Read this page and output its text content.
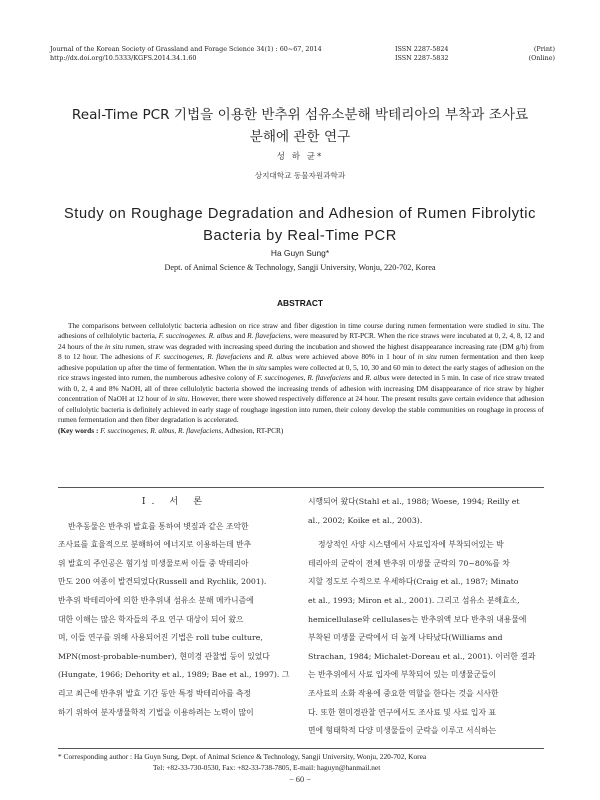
Journal of the Korean Society of Grassland and Forage Science 34(1) : 60~67, 2014
http://dx.doi.org/10.5333/KGFS.2014.34.1.60
ISSN 2287-5824	(Print)
ISSN 2287-5832	(Online)
Real-Time PCR 기법을 이용한 반추위 섬유소분해 박테리아의 부착과 조사료
분해에 관한 연구
성 하 균*
상지대학교 동물자원과학과
Study on Roughage Degradation and Adhesion of Rumen Fibrolytic
Bacteria by Real-Time PCR
Ha Guyn Sung*
Dept. of Animal Science & Technology, Sangji University, Wonju, 220-702, Korea
ABSTRACT

The comparisons between cellulolytic bacteria adhesion on rice straw and fiber digestion in time course during rumen fermentation were studied in situ. The adhesions of cellulolytic bacteria, F. succinogenes. R. albus and R. flavefaciens, were measured by RT-PCR. When the rice straws were incubated at 0, 2, 4, 8, 12 and 24 hours of the in situ rumen, straw was degraded with increasing speed during the incubation and showed the highest disappearance increasing rate (DM g/h) from 8 to 12 hour. The adhesions of F. succinogenes, R. flavefaciens and R. albus were achieved above 80% in 1 hour of in situ rumen fermentation and then keep adhesive population up after the time of fermentation. When the in situ samples were collected at 0, 5, 10, 30 and 60 min to detect the early stages of adhesion on the rice straws ingested into rumen, the numberous adhesive colony of F. succinogenes, R. flavefaciens and R. albus were detected in 5 min. In case of rice straw treated with 0, 2, 4 and 8% NaOH, all of three cellulolytic bacteria showed the increasing trends of adhesion with increasing DM disappearance of rice straw by higher concentration of NaOH at 12 hour of in situ. However, there were showed respectively difference at 24 hour. The present results gave certain evidence that adhesion of cellulolytic bacteria is definitely achieved in early stage of roughage ingestion into rumen, their colony develop the stable communities on roughage in process of rumen fermentation and then fiber degradation is accelerated.

(Key words : F. succinogenes, R. albus, R. flavefaciens, Adhesion, RT-PCR)
Ⅰ. 서 론
반추동물은 반추위 발효를 통하여 볏짚과 같은 조악한
조사료를 효율적으로 분해하여 에너지로 이용하는데 반추
위 발효의 주인공은 혐기성 미생물로써 이들 중 박테리아
만도 200 여종이 발견되었다(Russell and Rychlik, 2001).
반추위 박테리아에 의한 반추위내 섬유소 분해 메카니즘에
대한 이해는 많은 학자들의 주요 연구 대상이 되어 왔으
며, 이들 연구를 위해 사용되어진 기법은 roll tube culture,
MPN(most-probable-number), 현미경 관찰법 등이 있었다
(Hungate, 1966; Dehority et al., 1989; Bae et al., 1997). 그
리고 최근에 반추위 발효 기간 동안 특정 박테리아를 측정
하기 위하여 분자생물학적 기법을 이용하려는 노력이 많이
시행되어 왔다(Stahl et al., 1988; Woese, 1994; Reilly et
al., 2002; Koike et al., 2003).
정상적인 사양 시스템에서 사료입자에 부착되어있는 박
테리아의 군락이 전체 반추위 미생물 군락의 70~80%를 차
지할 정도로 수적으로 우세하다(Craig et al., 1987; Minato
et al., 1993; Miron et al., 2001). 그리고 섬유소 분해효소,
hemicellulase와 cellulases는 반추위액 보다 반추위 내용물에
부착된 미생물 군락에서 더 높게 나타났다(Williams and
Strachan, 1984; Michalet-Doreau et al., 2001). 이러한 결과
는 반추위에서 사료 입자에 부착되어 있는 미생물군들이
조사료의 소화 작용에 중요한 역할을 한다는 것을 시사한
다. 또한 현미경관찰 연구에서도 조사료 및 사료 입자 표
면에 형태학적 다양 미생물들이 군락을 이루고 서식하는
* Corresponding author : Ha Guyn Sung, Dept. of Animal Science & Technology, Sangji University, Wonju, 220-702, Korea
Tel: +82-33-730-0530, Fax: +82-33-738-7805, E-mail: haguyn@hanmail.net
− 60 −
